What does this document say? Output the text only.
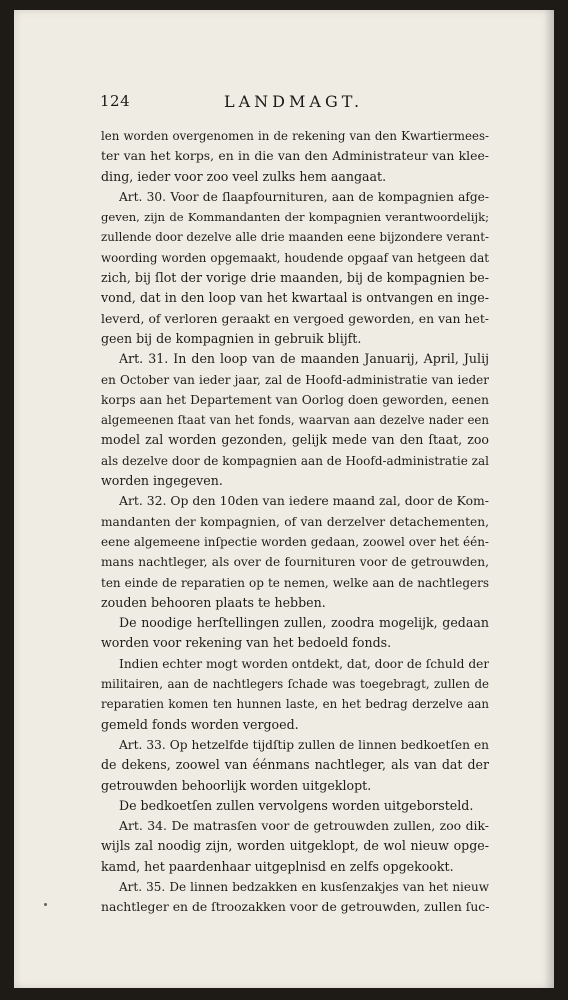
124	LANDMAGT.
len worden overgenomen in de rekening van den Kwartiermees-
ter van het korps, en in die van den Administrateur van klee-
ding, ieder voor zoo veel zulks hem aangaat.
Art. 30. Voor de ſlaapfournituren, aan de kompagnien afge-
geven, zijn de Kommandanten der kompagnien verantwoordelijk;
zullende door dezelve alle drie maanden eene bijzondere verant-
woording worden opgemaakt, houdende opgaaf van hetgeen dat
zich, bij ſlot der vorige drie maanden, bij de kompagnien be-
vond, dat in den loop van het kwartaal is ontvangen en inge-
leverd, of verloren geraakt en vergoed geworden, en van het-
geen bij de kompagnien in gebruik blijft.
Art. 31. In den loop van de maanden Januarij, April, Julij
en October van ieder jaar, zal de Hoofd-administratie van ieder
korps aan het Departement van Oorlog doen geworden, eenen
algemeenen ſtaat van het fonds, waarvan aan dezelve nader een
model zal worden gezonden, gelijk mede van den ſtaat, zoo
als dezelve door de kompagnien aan de Hoofd-administratie zal
worden ingegeven.
Art. 32. Op den 10den van iedere maand zal, door de Kom-
mandanten der kompagnien, of van derzelver detachementen,
eene algemeene inſpectie worden gedaan, zoowel over het één-
mans nachtleger, als over de fournituren voor de getrouwden,
ten einde de reparatien op te nemen, welke aan de nachtlegers
zouden behooren plaats te hebben.
De noodige herſtellingen zullen, zoodra mogelijk, gedaan
worden voor rekening van het bedoeld fonds.
Indien echter mogt worden ontdekt, dat, door de ſchuld der
militairen, aan de nachtlegers ſchade was toegebragt, zullen de
reparatien komen ten hunnen laste, en het bedrag derzelve aan
gemeld fonds worden vergoed.
Art. 33. Op hetzelfde tijdſtip zullen de linnen bedkoetſen en
de dekens, zoowel van éénmans nachtleger, als van dat der
getrouwden behoorlijk worden uitgeklopt.
De bedkoetſen zullen vervolgens worden uitgeborsteld.
Art. 34. De matrasſen voor de getrouwden zullen, zoo dik-
wijls zal noodig zijn, worden uitgeklopt, de wol nieuw opge-
kamd, het paardenhaar uitgeplnisd en zelfs opgekookt.
Art. 35. De linnen bedzakken en kusſenzakjes van het nieuw
nachtleger en de ſtroozakken voor de getrouwden, zullen ſuc-
